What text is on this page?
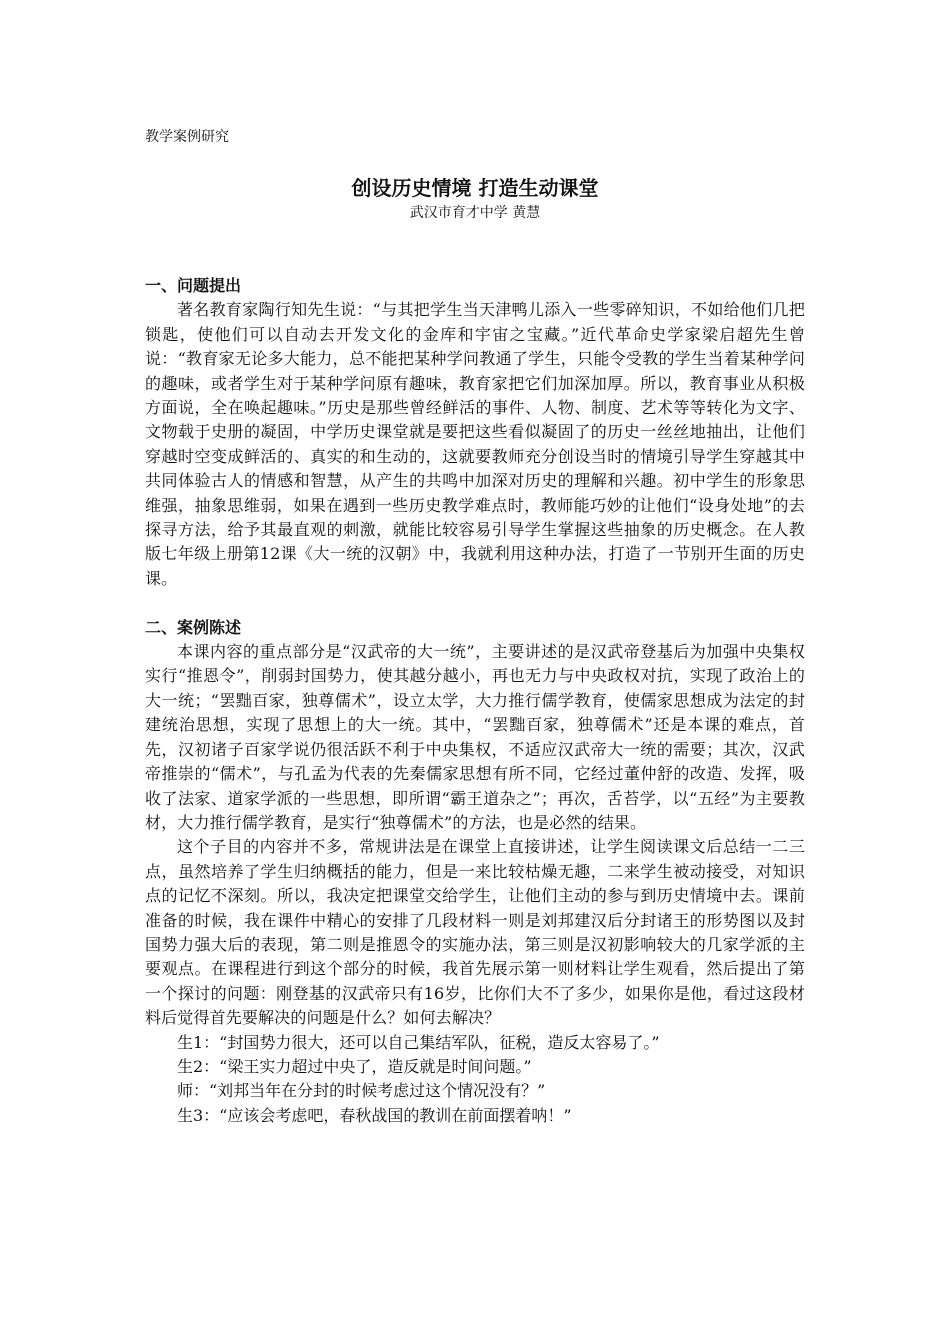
教学案例研究
创设历史情境 打造生动课堂
武汉市育才中学 黄慧

一、问题提出

著名教育家陶行知先生说：“与其把学生当天津鸭儿添入一些零碎知识，不如给他们几把锁匙，使他们可以自动去开发文化的金库和宇宙之宝藏。”近代革命史学家梁启超先生曾说：“教育家无论多大能力，总不能把某种学问教通了学生，只能令受教的学生当着某种学问的趣味，或者学生对于某种学问原有趣味，教育家把它们加深加厚。所以，教育事业从积极方面说，全在唤起趣味。”历史是那些曾经鲜活的事件、人物、制度、艺术等等转化为文字、文物载于史册的凝固，中学历史课堂就是要把这些看似凝固了的历史一丝丝地抽出，让他们穿越时空变成鲜活的、真实的和生动的，这就要教师充分创设当时的情境引导学生穿越其中共同体验古人的情感和智慧，从产生的共鸣中加深对历史的理解和兴趣。初中学生的形象思维强，抽象思维弱，如果在遇到一些历史教学难点时，教师能巧妙的让他们“设身处地”的去探寻方法，给予其最直观的刺激，就能比较容易引导学生掌握这些抽象的历史概念。在人教版七年级上册第12课《大一统的汉朝》中，我就利用这种办法，打造了一节别开生面的历史课。

二、案例陈述

本课内容的重点部分是“汉武帝的大一统”，主要讲述的是汉武帝登基后为加强中央集权实行“推恩令”，削弱封国势力，使其越分越小，再也无力与中央政权对抗，实现了政治上的大一统；“罢黜百家，独尊儒术”，设立太学，大力推行儒学教育，使儒家思想成为法定的封建统治思想，实现了思想上的大一统。其中，“罢黜百家，独尊儒术”还是本课的难点，首先，汉初诸子百家学说仍很活跃不利于中央集权，不适应汉武帝大一统的需要；其次，汉武帝推崇的“儒术”，与孔孟为代表的先秦儒家思想有所不同，它经过董仲舒的改造、发挥，吸收了法家、道家学派的一些思想，即所谓“霸王道杂之”；再次，舌苔学，以“五经”为主要教材，大力推行儒学教育，是实行“独尊儒术”的方法，也是必然的结果。

这个子目的内容并不多，常规讲法是在课堂上直接讲述，让学生阅读课文后总结一二三点，虽然培养了学生归纳概括的能力，但是一来比较枯燥无趣，二来学生被动接受，对知识点的记忆不深刻。所以，我决定把课堂交给学生，让他们主动的参与到历史情境中去。课前准备的时候，我在课件中精心的安排了几段材料一则是刘邦建汉后分封诸王的形势图以及封国势力强大后的表现，第二则是推恩令的实施办法，第三则是汉初影响较大的几家学派的主要观点。在课程进行到这个部分的时候，我首先展示第一则材料让学生观看，然后提出了第一个探讨的问题：刚登基的汉武帝只有16岁，比你们大不了多少，如果你是他，看过这段材料后觉得首先要解决的问题是什么？如何去解决？

生1：“封国势力很大，还可以自己集结军队，征税，造反太容易了。”

生2：“梁王实力超过中央了，造反就是时间问题。”

师：“刘邦当年在分封的时候考虑过这个情况没有？”

生3：“应该会考虑吧，春秋战国的教训在前面摆着呐！”
